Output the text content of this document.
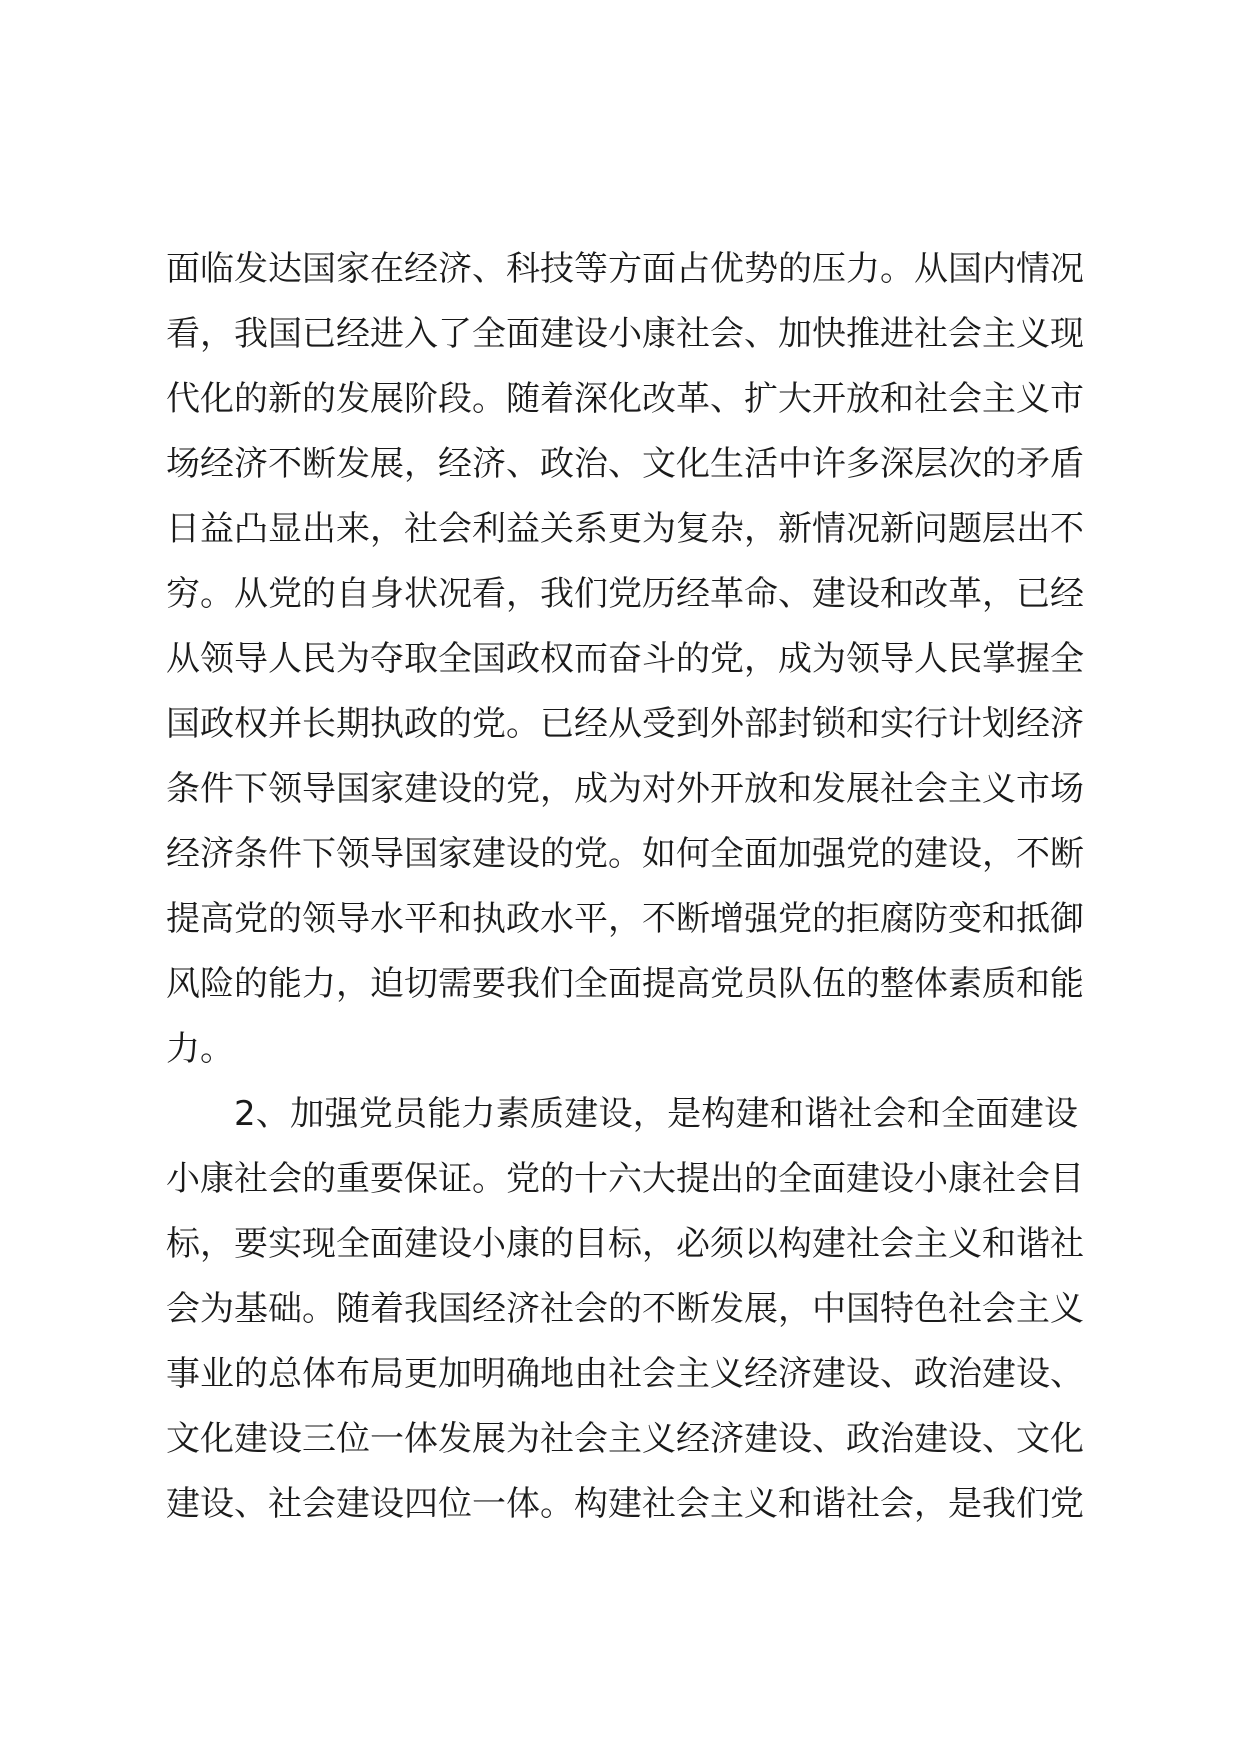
面临发达国家在经济、科技等方面占优势的压力。从国内情况
看，我国已经进入了全面建设小康社会、加快推进社会主义现
代化的新的发展阶段。随着深化改革、扩大开放和社会主义市
场经济不断发展，经济、政治、文化生活中许多深层次的矛盾
日益凸显出来，社会利益关系更为复杂，新情况新问题层出不
穷。从党的自身状况看，我们党历经革命、建设和改革，已经
从领导人民为夺取全国政权而奋斗的党，成为领导人民掌握全
国政权并长期执政的党。已经从受到外部封锁和实行计划经济
条件下领导国家建设的党，成为对外开放和发展社会主义市场
经济条件下领导国家建设的党。如何全面加强党的建设，不断
提高党的领导水平和执政水平，不断增强党的拒腐防变和抵御
风险的能力，迫切需要我们全面提高党员队伍的整体素质和能
力。
2、加强党员能力素质建设，是构建和谐社会和全面建设
小康社会的重要保证。党的十六大提出的全面建设小康社会目
标，要实现全面建设小康的目标，必须以构建社会主义和谐社
会为基础。随着我国经济社会的不断发展，中国特色社会主义
事业的总体布局更加明确地由社会主义经济建设、政治建设、
文化建设三位一体发展为社会主义经济建设、政治建设、文化
建设、社会建设四位一体。构建社会主义和谐社会，是我们党
